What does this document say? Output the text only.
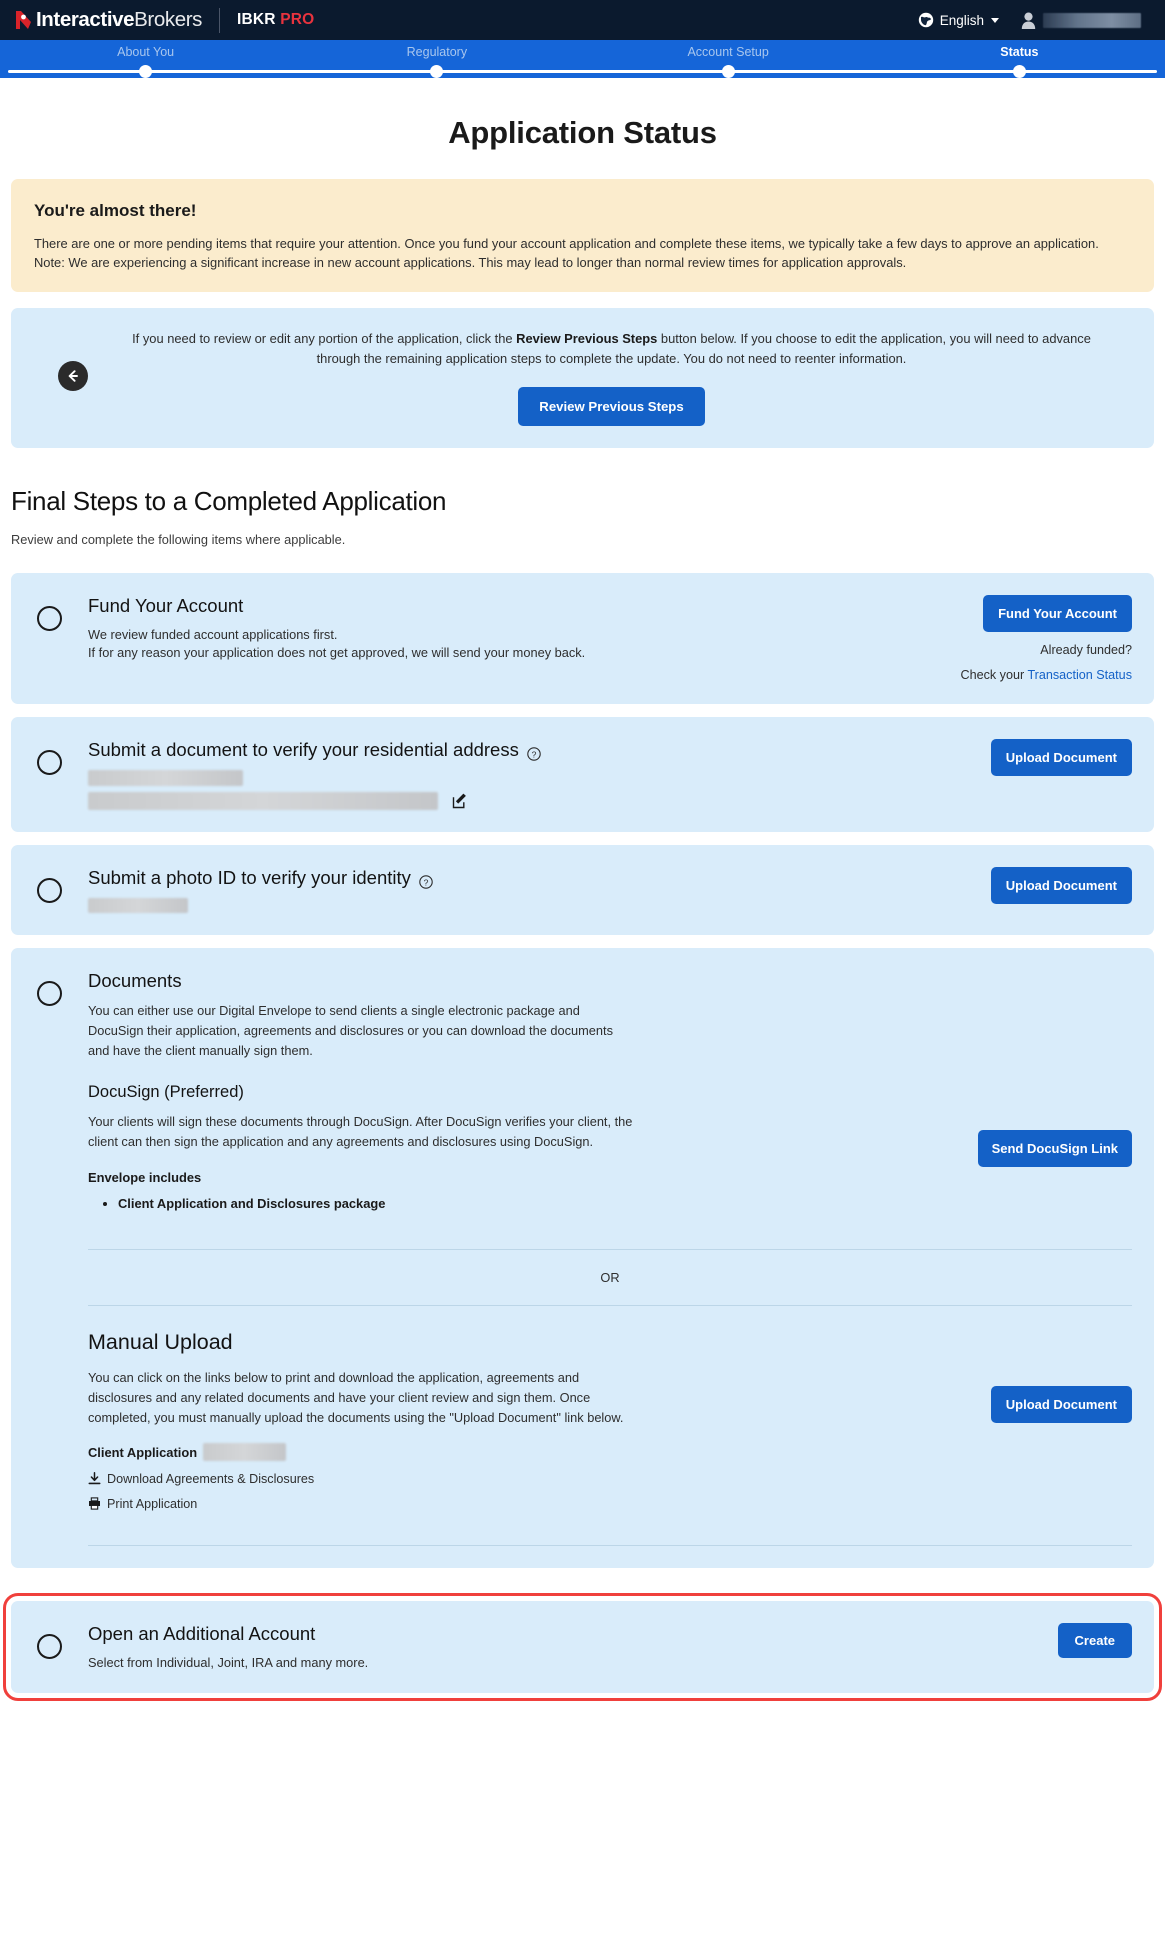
InteractiveBrokers IBKR PRO	English
About You	Regulatory	Account Setup	Status
Application Status
You're almost there!

There are one or more pending items that require your attention. Once you fund your account application and complete these items, we typically take a few days to approve an application. Note: We are experiencing a significant increase in new account applications. This may lead to longer than normal review times for application approvals.

If you need to review or edit any portion of the application, click the Review Previous Steps button below. If you choose to edit the application, you will need to advance through the remaining application steps to complete the update. You do not need to reenter information.

Review Previous Steps
Final Steps to a Completed Application
Review and complete the following items where applicable.
Fund Your Account
We review funded account applications first.
If for any reason your application does not get approved, we will send your money back.
Fund Your Account
Already funded?
Check your Transaction Status
Submit a document to verify your residential address ?	Upload Document
Submit a photo ID to verify your identity ?	Upload Document
Documents

You can either use our Digital Envelope to send clients a single electronic package and DocuSign their application, agreements and disclosures or you can download the documents and have the client manually sign them.

DocuSign (Preferred)

Your clients will sign these documents through DocuSign. After DocuSign verifies your client, the client can then sign the application and any agreements and disclosures using DocuSign.

Envelope includes
• Client Application and Disclosures package
Send DocuSign Link
OR
Manual Upload

You can click on the links below to print and download the application, agreements and disclosures and any related documents and have your client review and sign them. Once completed, you must manually upload the documents using the "Upload Document" link below.

Client Application
Download Agreements & Disclosures
Print Application
Upload Document
Open an Additional Account
Select from Individual, Joint, IRA and many more.
Create
